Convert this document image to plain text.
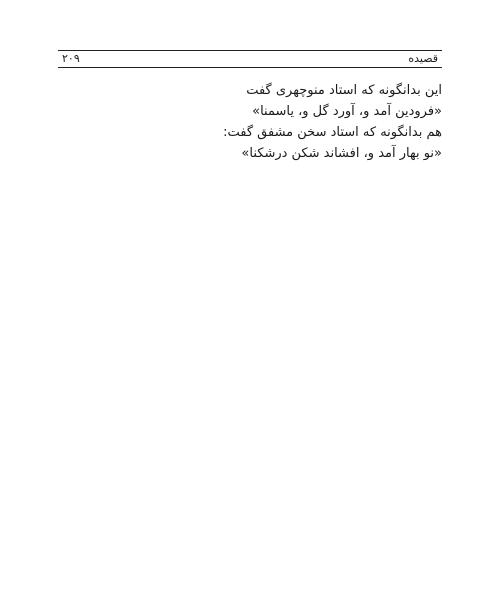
قصیده
۲۰۹
این بدانگونه که استاد منوچهری گفت
«فرودین آمد و، آورد گل و، یاسمنا»
هم بدانگونه که استاد سخن مشفق گفت:
«نو بهار آمد و، افشاند شکن درشکنا»
